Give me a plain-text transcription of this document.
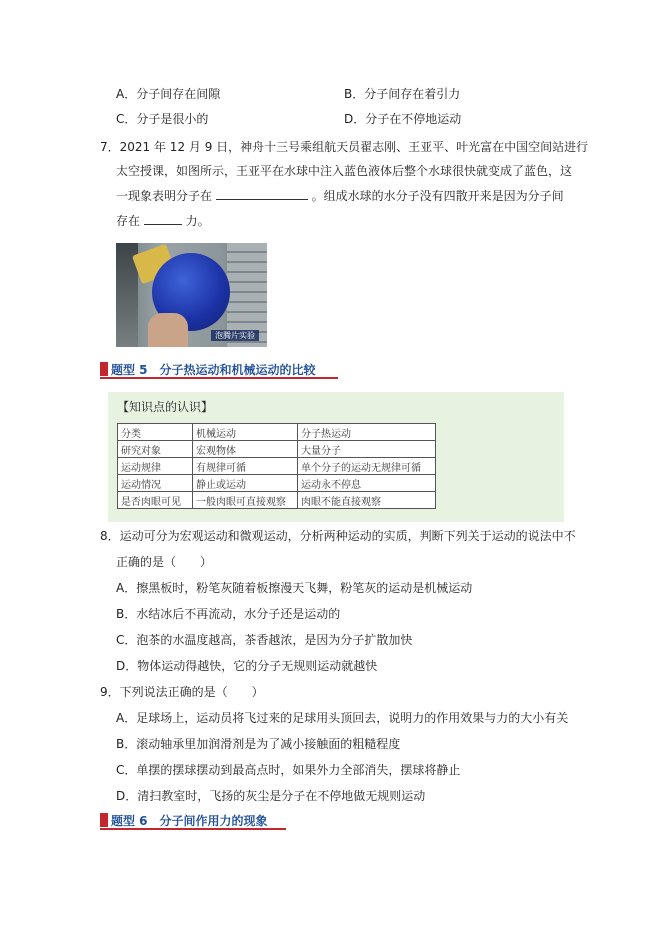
A．分子间存在间隙	B．分子间存在着引力
C．分子是很小的	D．分子在不停地运动
7．2021 年 12 月 9 日，神舟十三号乘组航天员翟志刚、王亚平、叶光富在中国空间站进行
太空授课，如图所示，王亚平在水球中注入蓝色液体后整个水球很快就变成了蓝色，这
一现象表明分子在	。组成水球的水分子没有四散开来是因为分子间
存在	力。
泡腾片实验
题型 5　分子热运动和机械运动的比较
【知识点的认识】
分类	机械运动	分子热运动
研究对象	宏观物体	大量分子
运动规律	有规律可循	单个分子的运动无规律可循
运动情况	静止或运动	运动永不停息
是否肉眼可见	一般肉眼可直接观察	肉眼不能直接观察
8．运动可分为宏观运动和微观运动，分析两种运动的实质，判断下列关于运动的说法中不
正确的是（　　）
A．擦黑板时，粉笔灰随着板擦漫天飞舞，粉笔灰的运动是机械运动
B．水结冰后不再流动，水分子还是运动的
C．泡茶的水温度越高，茶香越浓，是因为分子扩散加快
D．物体运动得越快，它的分子无规则运动就越快
9．下列说法正确的是（　　）
A．足球场上，运动员将飞过来的足球用头顶回去，说明力的作用效果与力的大小有关
B．滚动轴承里加润滑剂是为了减小接触面的粗糙程度
C．单摆的摆球摆动到最高点时，如果外力全部消失，摆球将静止
D．清扫教室时，飞扬的灰尘是分子在不停地做无规则运动
题型 6　分子间作用力的现象
